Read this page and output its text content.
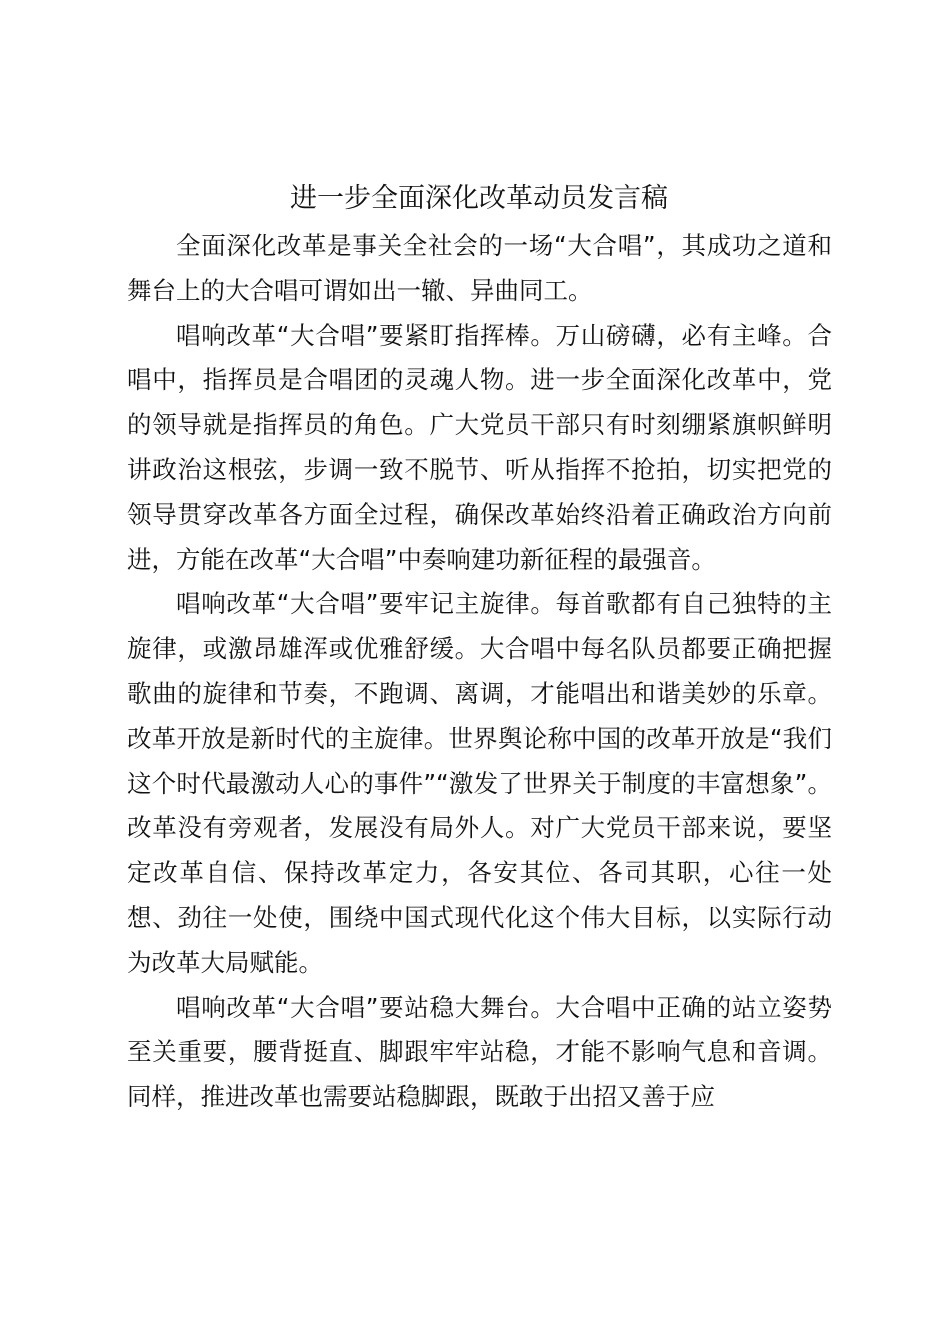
进一步全面深化改革动员发言稿

全面深化改革是事关全社会的一场“大合唱”，其成功之道和舞台上的大合唱可谓如出一辙、异曲同工。

唱响改革“大合唱”要紧盯指挥棒。万山磅礴，必有主峰。合唱中，指挥员是合唱团的灵魂人物。进一步全面深化改革中，党的领导就是指挥员的角色。广大党员干部只有时刻绷紧旗帜鲜明讲政治这根弦，步调一致不脱节、听从指挥不抢拍，切实把党的领导贯穿改革各方面全过程，确保改革始终沿着正确政治方向前进，方能在改革“大合唱”中奏响建功新征程的最强音。

唱响改革“大合唱”要牢记主旋律。每首歌都有自己独特的主旋律，或激昂雄浑或优雅舒缓。大合唱中每名队员都要正确把握歌曲的旋律和节奏，不跑调、离调，才能唱出和谐美妙的乐章。改革开放是新时代的主旋律。世界舆论称中国的改革开放是“我们这个时代最激动人心的事件”“激发了世界关于制度的丰富想象”。改革没有旁观者，发展没有局外人。对广大党员干部来说，要坚定改革自信、保持改革定力，各安其位、各司其职，心往一处想、劲往一处使，围绕中国式现代化这个伟大目标，以实际行动为改革大局赋能。

唱响改革“大合唱”要站稳大舞台。大合唱中正确的站立姿势至关重要，腰背挺直、脚跟牢牢站稳，才能不影响气息和音调。同样，推进改革也需要站稳脚跟，既敢于出招又善于应
